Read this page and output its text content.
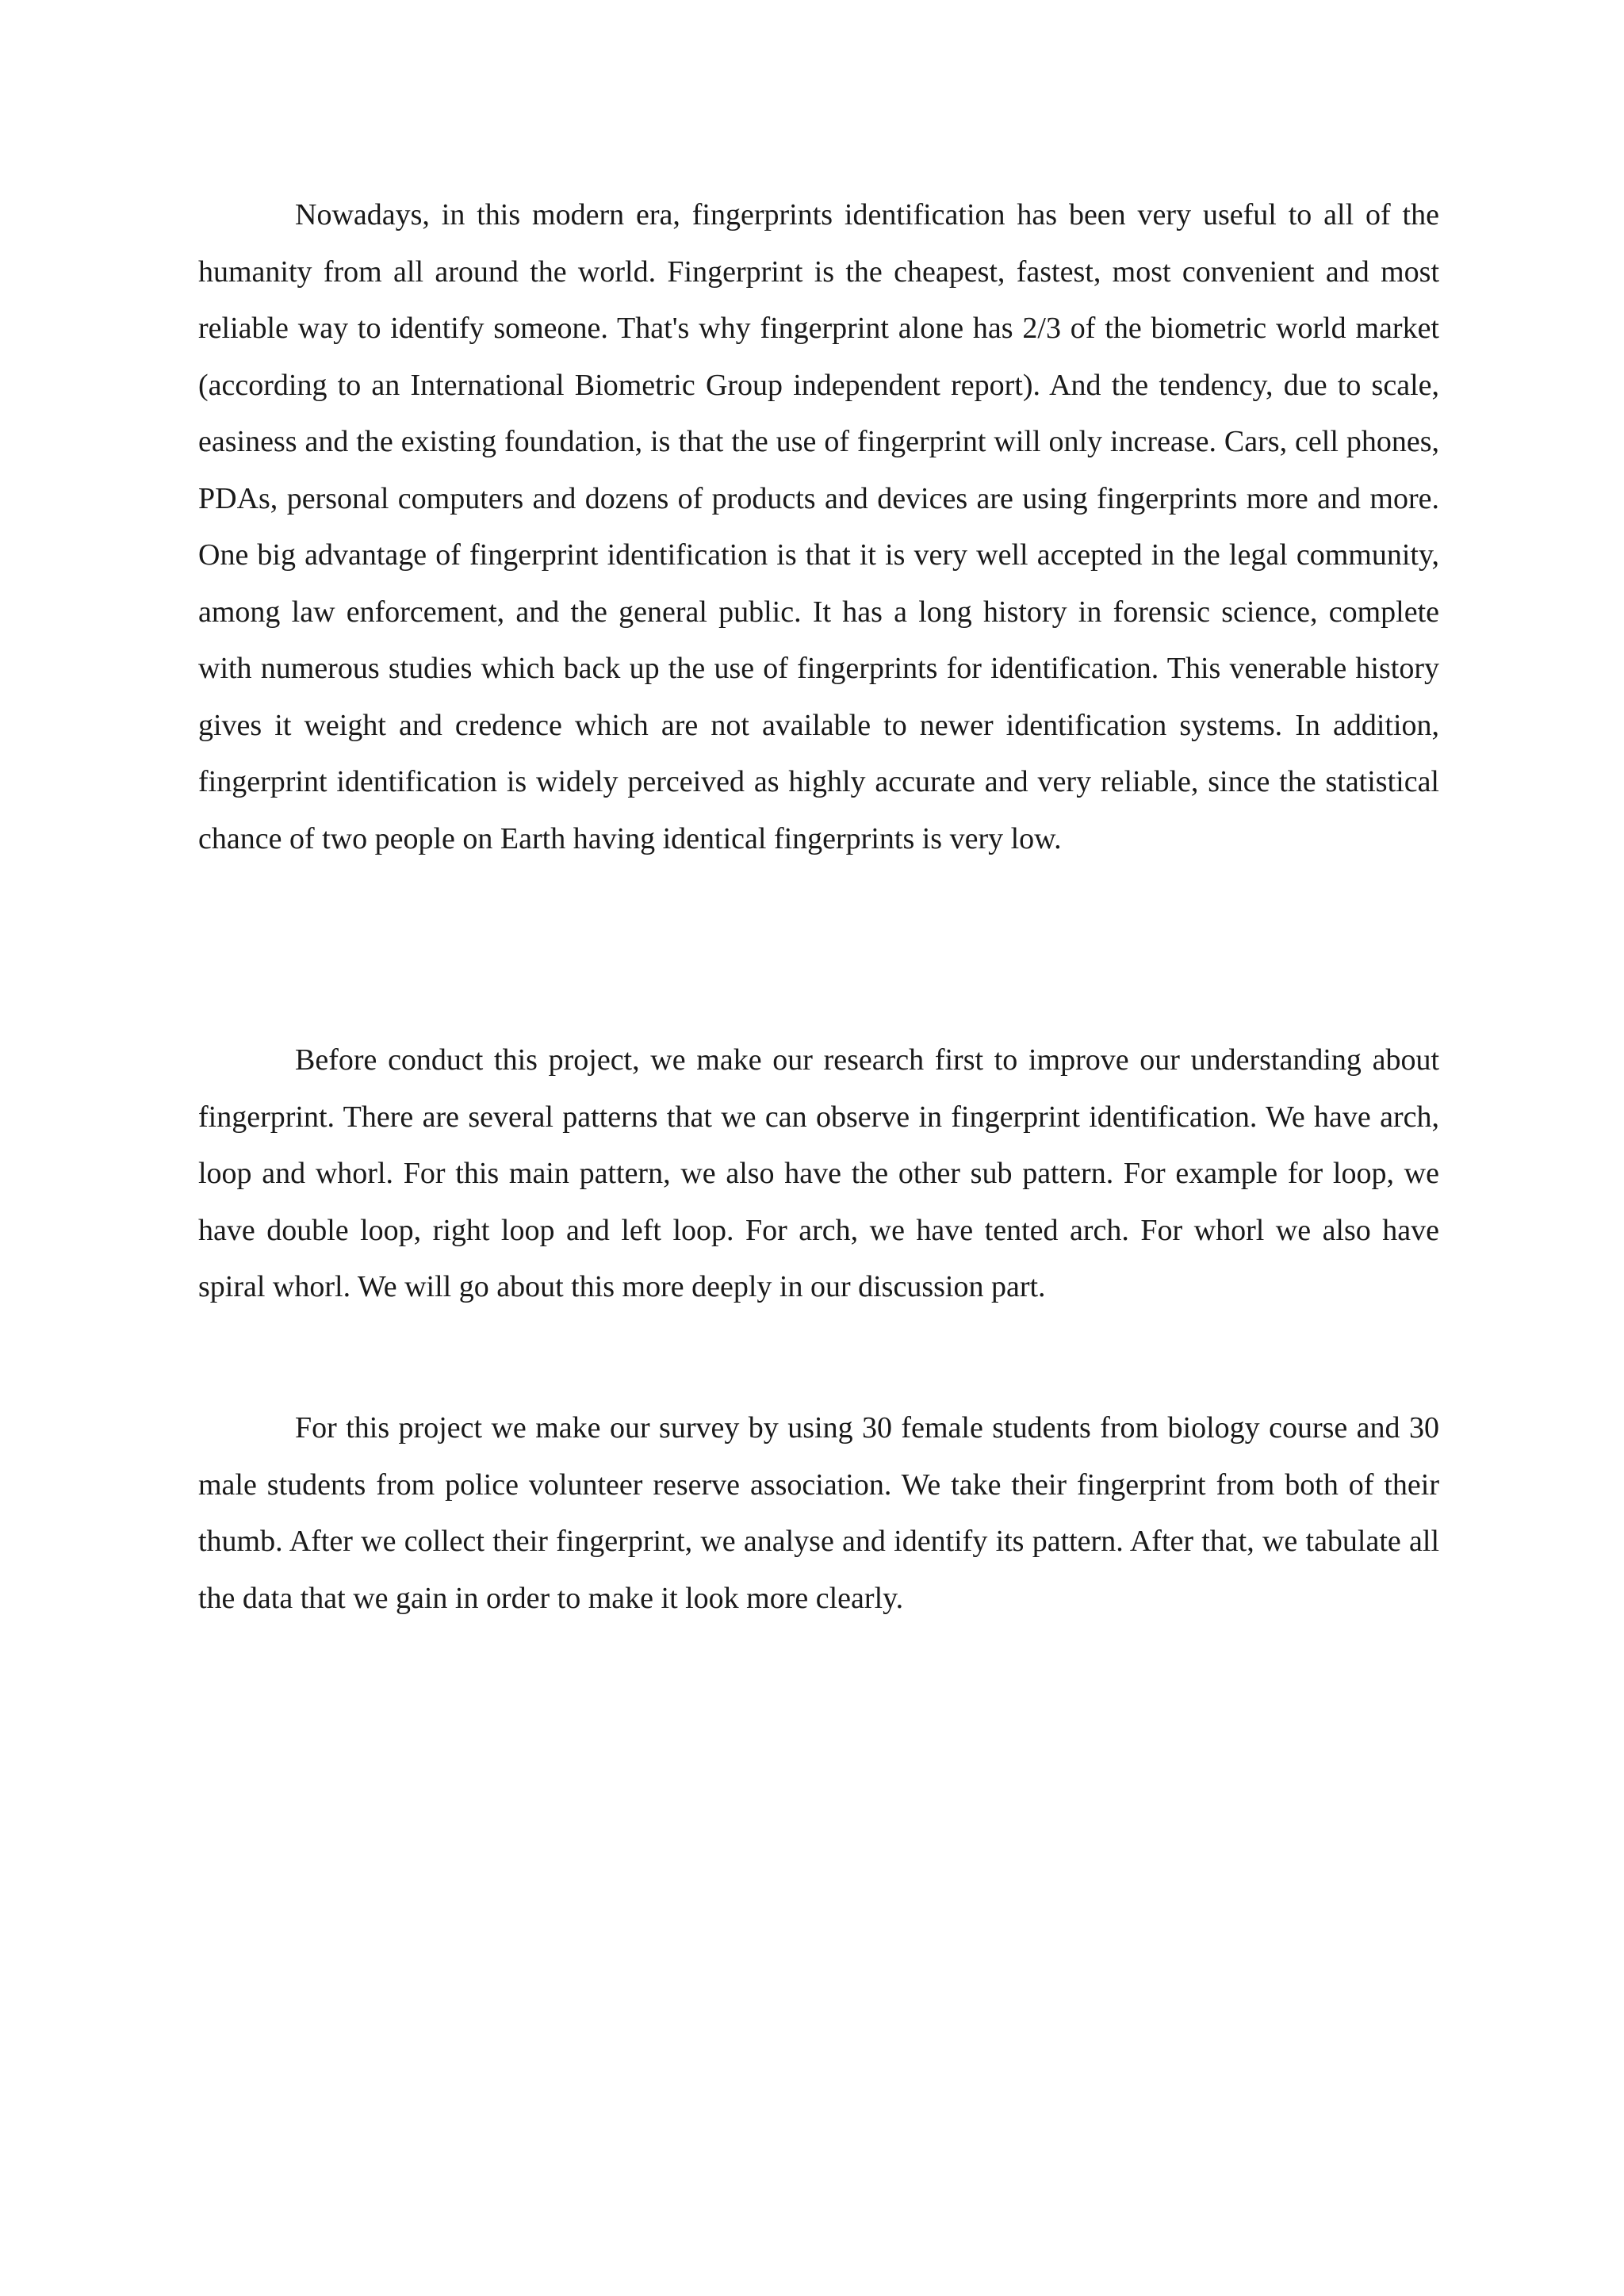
Nowadays, in this modern era, fingerprints identification has been very useful to all of the humanity from all around the world. Fingerprint is the cheapest, fastest, most convenient and most reliable way to identify someone. That's why fingerprint alone has 2/3 of the biometric world market (according to an International Biometric Group independent report). And the tendency, due to scale, easiness and the existing foundation, is that the use of fingerprint will only increase. Cars, cell phones, PDAs, personal computers and dozens of products and devices are using fingerprints more and more. One big advantage of fingerprint identification is that it is very well accepted in the legal community, among law enforcement, and the general public. It has a long history in forensic science, complete with numerous studies which back up the use of fingerprints for identification. This venerable history gives it weight and credence which are not available to newer identification systems. In addition, fingerprint identification is widely perceived as highly accurate and very reliable, since the statistical chance of two people on Earth having identical fingerprints is very low.

Before conduct this project, we make our research first to improve our understanding about fingerprint. There are several patterns that we can observe in fingerprint identification. We have arch, loop and whorl. For this main pattern, we also have the other sub pattern. For example for loop, we have double loop, right loop and left loop. For arch, we have tented arch. For whorl we also have spiral whorl. We will go about this more deeply in our discussion part.

For this project we make our survey by using 30 female students from biology course and 30 male students from police volunteer reserve association. We take their fingerprint from both of their thumb. After we collect their fingerprint, we analyse and identify its pattern. After that, we tabulate all the data that we gain in order to make it look more clearly.
